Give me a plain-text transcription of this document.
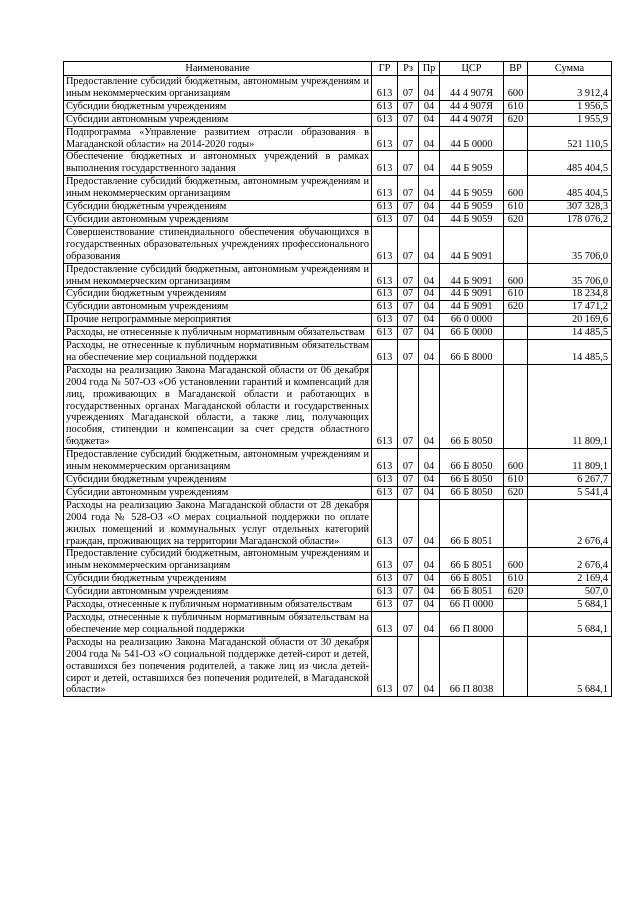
Наименование	ГР	Рз	Пр	ЦСР	ВР	Сумма
Предоставление субсидий бюджетным, автономным учреждениям и иным некоммерческим организациям	613	07	04	44 4 907Я	600	3 912,4
Субсидии бюджетным учреждениям	613	07	04	44 4 907Я	610	1 956,5
Субсидии автономным учреждениям	613	07	04	44 4 907Я	620	1 955,9
Подпрограмма «Управление развитием отрасли образования в Магаданской области» на 2014-2020 годы»	613	07	04	44 Б 0000		521 110,5
Обеспечение бюджетных и автономных учреждений в рамках выполнения государственного задания	613	07	04	44 Б 9059		485 404,5
Предоставление субсидий бюджетным, автономным учреждениям и иным некоммерческим организациям	613	07	04	44 Б 9059	600	485 404,5
Субсидии бюджетным учреждениям	613	07	04	44 Б 9059	610	307 328,3
Субсидии автономным учреждениям	613	07	04	44 Б 9059	620	178 076,2
Совершенствование стипендиального обеспечения обучающихся в государственных образовательных учреждениях профессионального образования	613	07	04	44 Б 9091		35 706,0
Предоставление субсидий бюджетным, автономным учреждениям и иным некоммерческим организациям	613	07	04	44 Б 9091	600	35 706,0
Субсидии бюджетным учреждениям	613	07	04	44 Б 9091	610	18 234,8
Субсидии автономным учреждениям	613	07	04	44 Б 9091	620	17 471,2
Прочие непрограммные мероприятия	613	07	04	66 0 0000		20 169,6
Расходы, не отнесенные к публичным нормативным обязательствам	613	07	04	66 Б 0000		14 485,5
Расходы, не отнесенные к публичным нормативным обязательствам на обеспечение мер социальной поддержки	613	07	04	66 Б 8000		14 485,5
Расходы на реализацию Закона Магаданской области от 06 декабря 2004 года № 507-ОЗ «Об установлении гарантий и компенсаций для лиц, проживающих в Магаданской области и работающих в государственных органах Магаданской области и государственных учреждениях Магаданской области, а также лиц, получающих пособия, стипендии и компенсации за счет средств областного бюджета»	613	07	04	66 Б 8050		11 809,1
Предоставление субсидий бюджетным, автономным учреждениям и иным некоммерческим организациям	613	07	04	66 Б 8050	600	11 809,1
Субсидии бюджетным учреждениям	613	07	04	66 Б 8050	610	6 267,7
Субсидии автономным учреждениям	613	07	04	66 Б 8050	620	5 541,4
Расходы на реализацию Закона Магаданской области от 28 декабря 2004 года № 528-ОЗ «О мерах социальной поддержки по оплате жилых помещений и коммунальных услуг отдельных категорий граждан, проживающих на территории Магаданской области»	613	07	04	66 Б 8051		2 676,4
Предоставление субсидий бюджетным, автономным учреждениям и иным некоммерческим организациям	613	07	04	66 Б 8051	600	2 676,4
Субсидии бюджетным учреждениям	613	07	04	66 Б 8051	610	2 169,4
Субсидии автономным учреждениям	613	07	04	66 Б 8051	620	507,0
Расходы, отнесенные к публичным нормативным обязательствам	613	07	04	66 П 0000		5 684,1
Расходы, отнесенные к публичным нормативным обязательствам на обеспечение мер социальной поддержки	613	07	04	66 П 8000		5 684,1
Расходы на реализацию Закона Магаданской области от 30 декабря 2004 года № 541-ОЗ «О социальной поддержке детей-сирот и детей, оставшихся без попечения родителей, а также лиц из числа детей-сирот и детей, оставшихся без попечения родителей, в Магаданской области»	613	07	04	66 П 8038		5 684,1
